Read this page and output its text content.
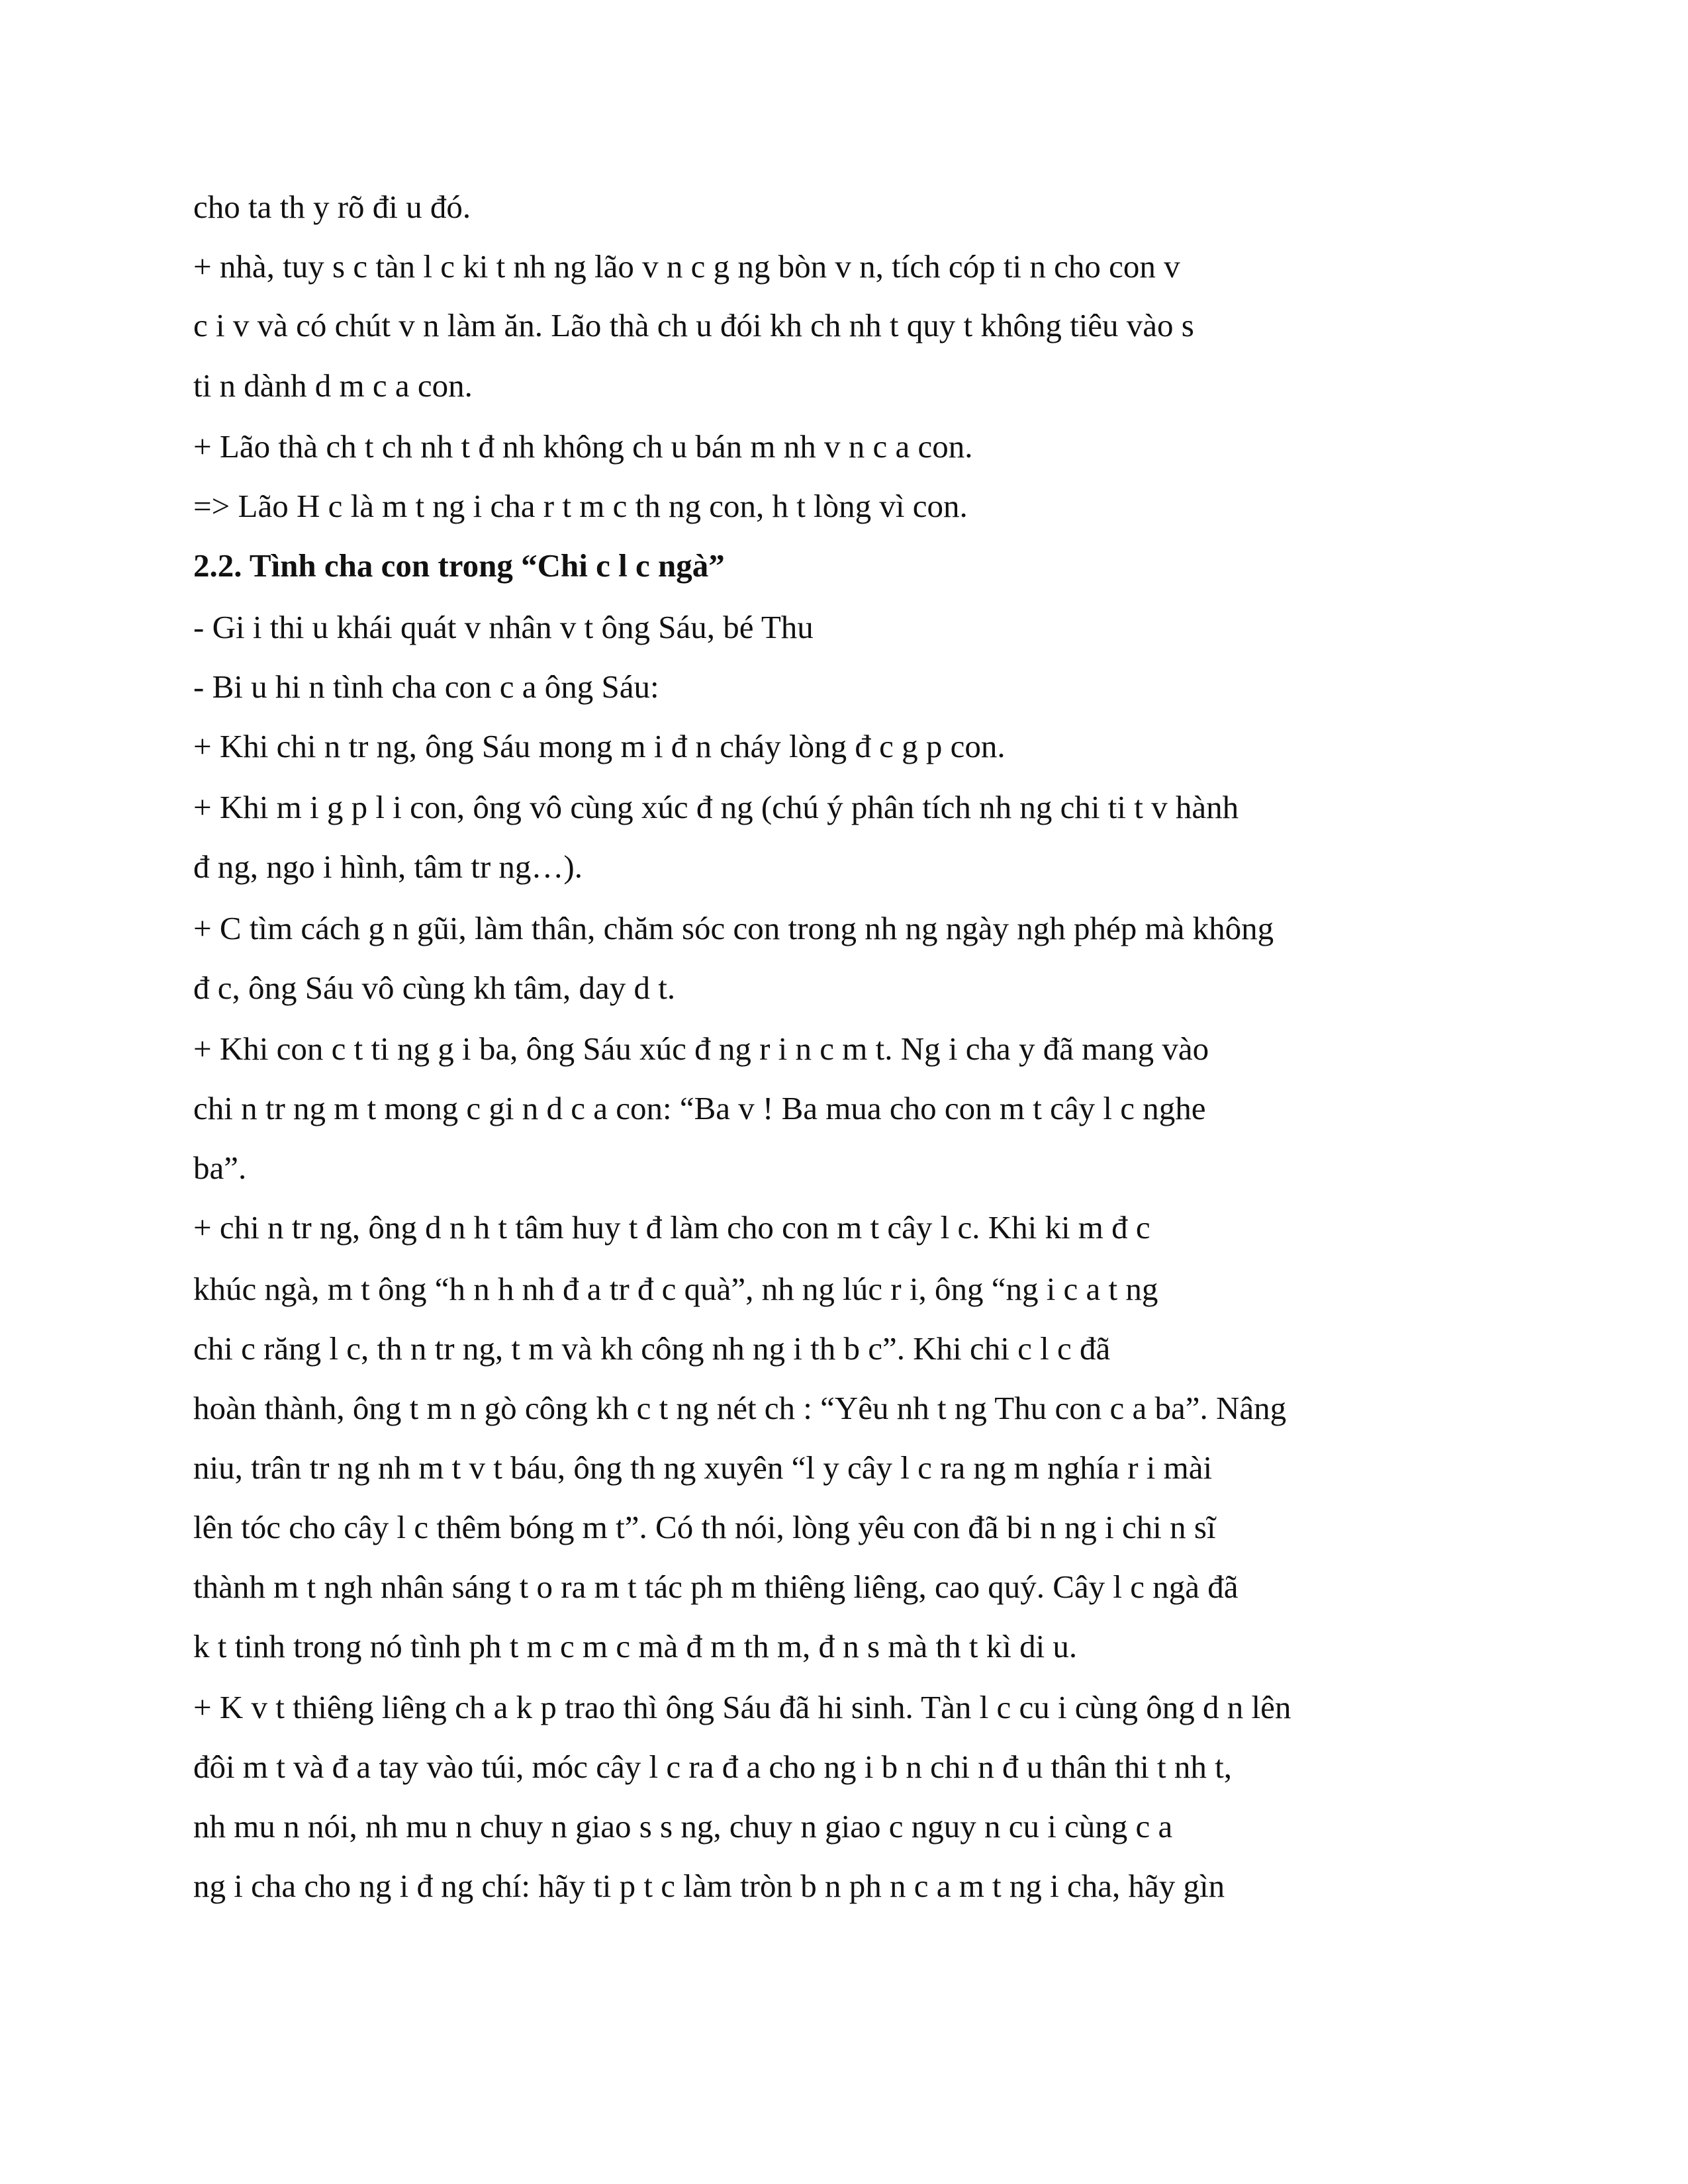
cho ta th y rõ đi u đó.
+ nhà, tuy s c tàn l c ki t nh ng lão v n c g ng bòn v n, tích cóp ti n cho con v
c i v và có chút v n làm ăn. Lão thà ch u đói kh ch nh t quy t không tiêu vào s
ti n dành d m c a con.
+ Lão thà ch t ch nh t đ nh không ch u bán m nh v n c a con.
=> Lão H c là m t ng i cha r t m c th ng con, h t lòng vì con.
2.2. Tình cha con trong “Chi c l c ngà”
- Gi i thi u khái quát v nhân v t ông Sáu, bé Thu
- Bi u hi n tình cha con c a ông Sáu:
+ Khi chi n tr ng, ông Sáu mong m i đ n cháy lòng đ c g p con.
+ Khi m i g p l i con, ông vô cùng xúc đ ng (chú ý phân tích nh ng chi ti t v hành
đ ng, ngo i hình, tâm tr ng…).
+ C tìm cách g n gũi, làm thân, chăm sóc con trong nh ng ngày ngh phép mà không
đ c, ông Sáu vô cùng kh tâm, day d t.
+ Khi con c t ti ng g i ba, ông Sáu xúc đ ng r i n c m t. Ng i cha y đã mang vào
chi n tr ng m t mong c gi n d c a con: “Ba v ! Ba mua cho con m t cây l c nghe
ba”.
+ chi n tr ng, ông d n h t tâm huy t đ làm cho con m t cây l c. Khi ki m đ c
khúc ngà, m t ông “h n h nh đ a tr đ c quà”, nh ng lúc r i, ông “ng i c a t ng
chi c răng l c, th n tr ng, t m và kh công nh ng i th b c”. Khi chi c l c đã
hoàn thành, ông t m n gò công kh c t ng nét ch : “Yêu nh t ng Thu con c a ba”. Nâng
niu, trân tr ng nh m t v t báu, ông th ng xuyên “l y cây l c ra ng m nghía r i mài
lên tóc cho cây l c thêm bóng m t”. Có th nói, lòng yêu con đã bi n ng i chi n sĩ
thành m t ngh nhân sáng t o ra m t tác ph m thiêng liêng, cao quý. Cây l c ngà đã
k t tinh trong nó tình ph t m c m c mà đ m th m, đ n s mà th t kì di u.
+ K v t thiêng liêng ch a k p trao thì ông Sáu đã hi sinh. Tàn l c cu i cùng ông d n lên
đôi m t và đ a tay vào túi, móc cây l c ra đ a cho ng i b n chi n đ u thân thi t nh t,
nh mu n nói, nh mu n chuy n giao s s ng, chuy n giao c nguy n cu i cùng c a
ng i cha cho ng i đ ng chí: hãy ti p t c làm tròn b n ph n c a m t ng i cha, hãy gìn
